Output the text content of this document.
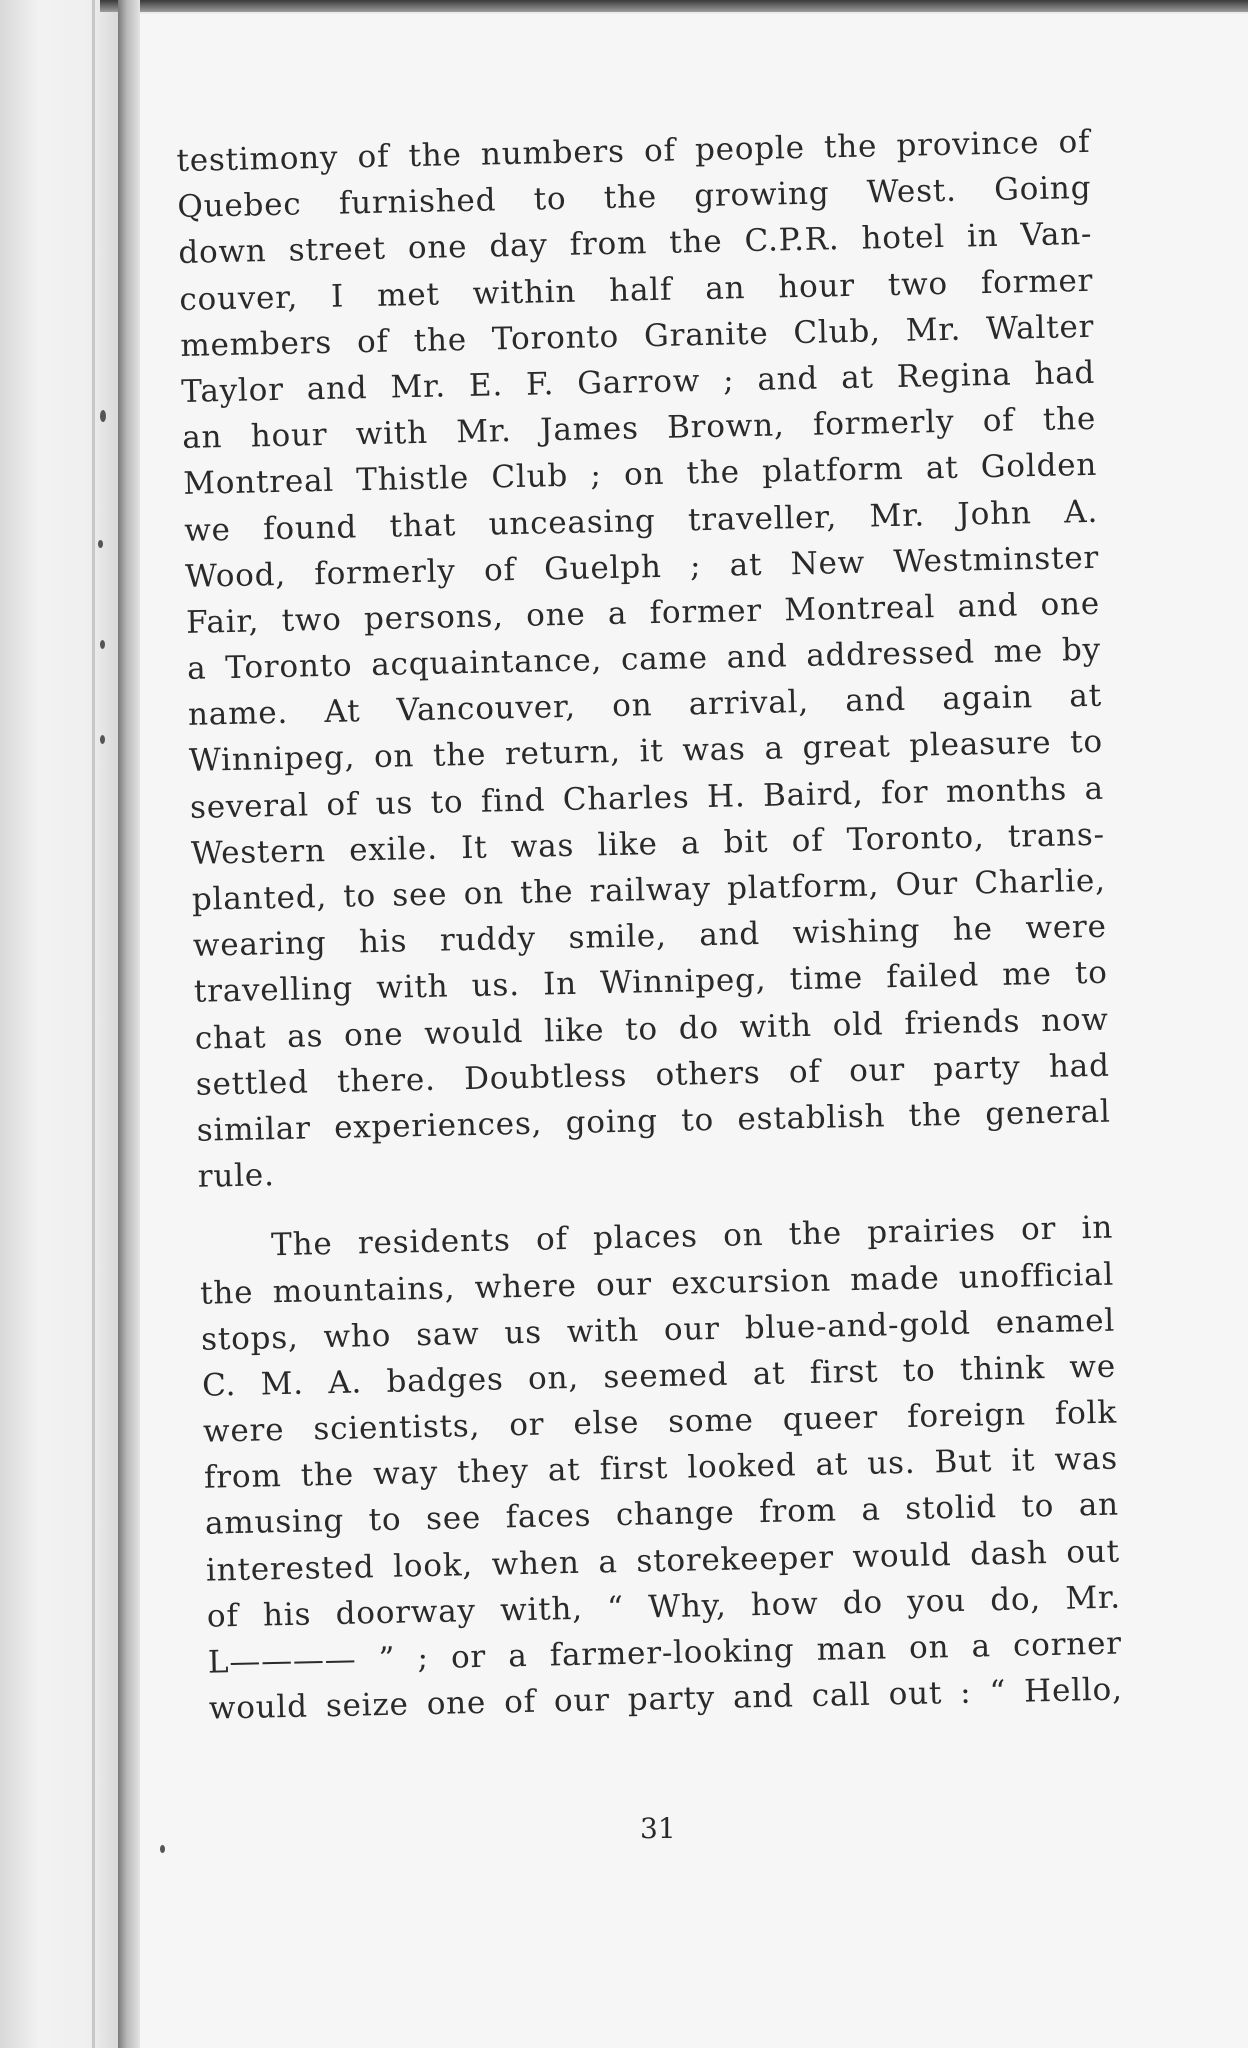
testimony of the numbers of people the province of
Quebec furnished to the growing West. Going
down street one day from the C.P.R. hotel in Van-
couver, I met within half an hour two former
members of the Toronto Granite Club, Mr. Walter
Taylor and Mr. E. F. Garrow ; and at Regina had
an hour with Mr. James Brown, formerly of the
Montreal Thistle Club ; on the platform at Golden
we found that unceasing traveller, Mr. John A.
Wood, formerly of Guelph ; at New Westminster
Fair, two persons, one a former Montreal and one
a Toronto acquaintance, came and addressed me by
name. At Vancouver, on arrival, and again at
Winnipeg, on the return, it was a great pleasure to
several of us to find Charles H. Baird, for months a
Western exile. It was like a bit of Toronto, trans-
planted, to see on the railway platform, Our Charlie,
wearing his ruddy smile, and wishing he were
travelling with us. In Winnipeg, time failed me to
chat as one would like to do with old friends now
settled there. Doubtless others of our party had
similar experiences, going to establish the general
rule.
The residents of places on the prairies or in
the mountains, where our excursion made unofficial
stops, who saw us with our blue-and-gold enamel
C. M. A. badges on, seemed at first to think we
were scientists, or else some queer foreign folk
from the way they at first looked at us. But it was
amusing to see faces change from a stolid to an
interested look, when a storekeeper would dash out
of his doorway with, “ Why, how do you do, Mr.
L———— ” ; or a farmer-looking man on a corner
would seize one of our party and call out : “ Hello,
31
